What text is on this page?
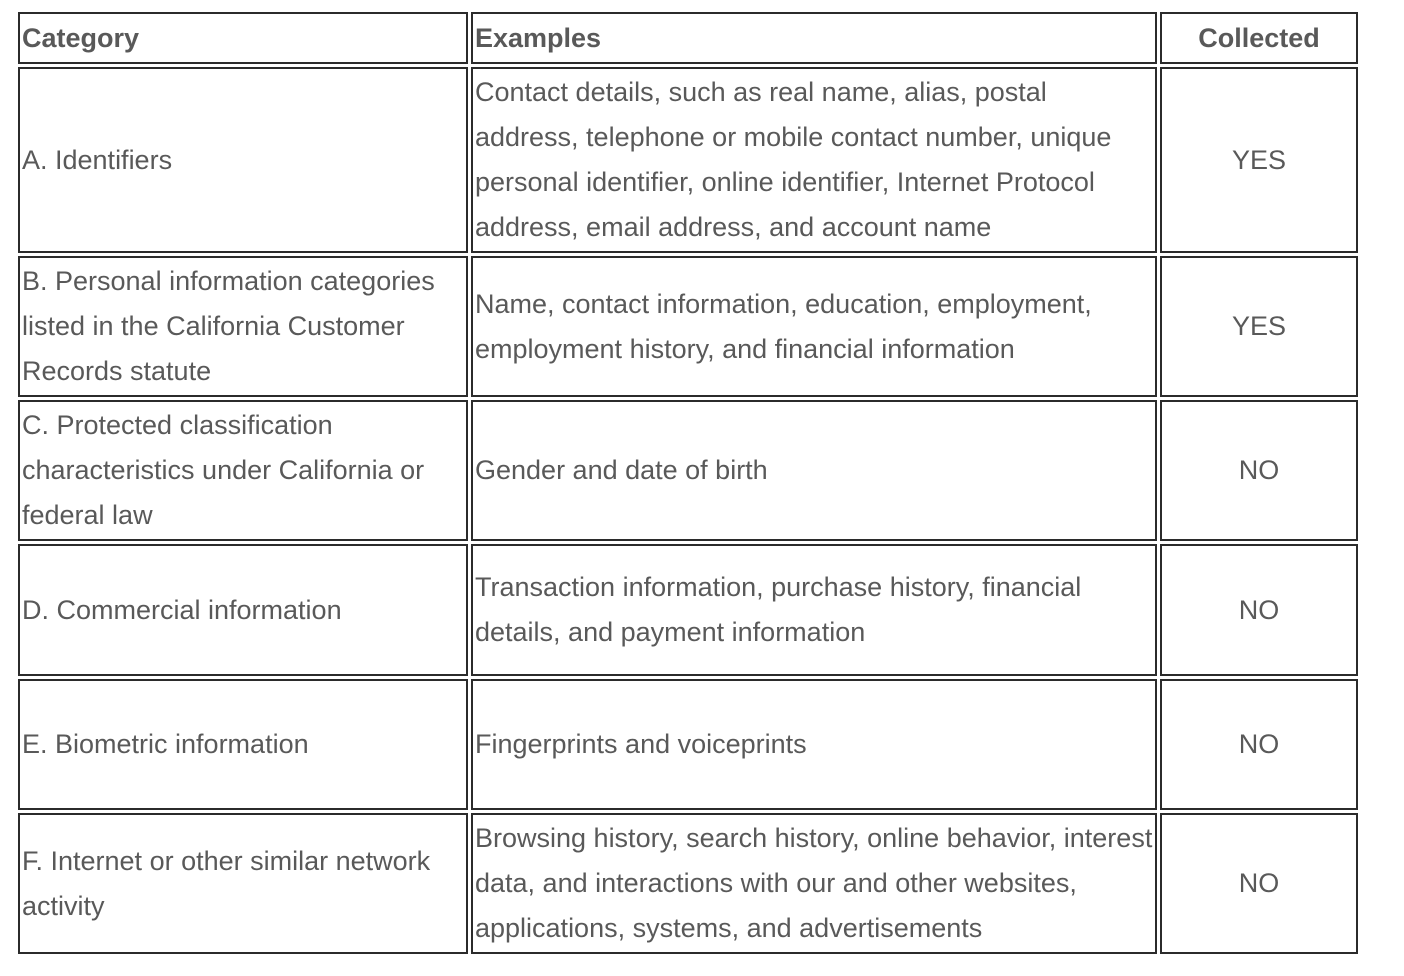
Category	Examples	Collected
A. Identifiers	Contact details, such as real name, alias, postal address, telephone or mobile contact number, unique personal identifier, online identifier, Internet Protocol address, email address, and account name	YES
B. Personal information categories listed in the California Customer Records statute	Name, contact information, education, employment, employment history, and financial information	YES
C. Protected classification characteristics under California or federal law	Gender and date of birth	NO
D. Commercial information	Transaction information, purchase history, financial details, and payment information	NO
E. Biometric information	Fingerprints and voiceprints	NO
F. Internet or other similar network activity	Browsing history, search history, online behavior, interest data, and interactions with our and other websites, applications, systems, and advertisements	NO
